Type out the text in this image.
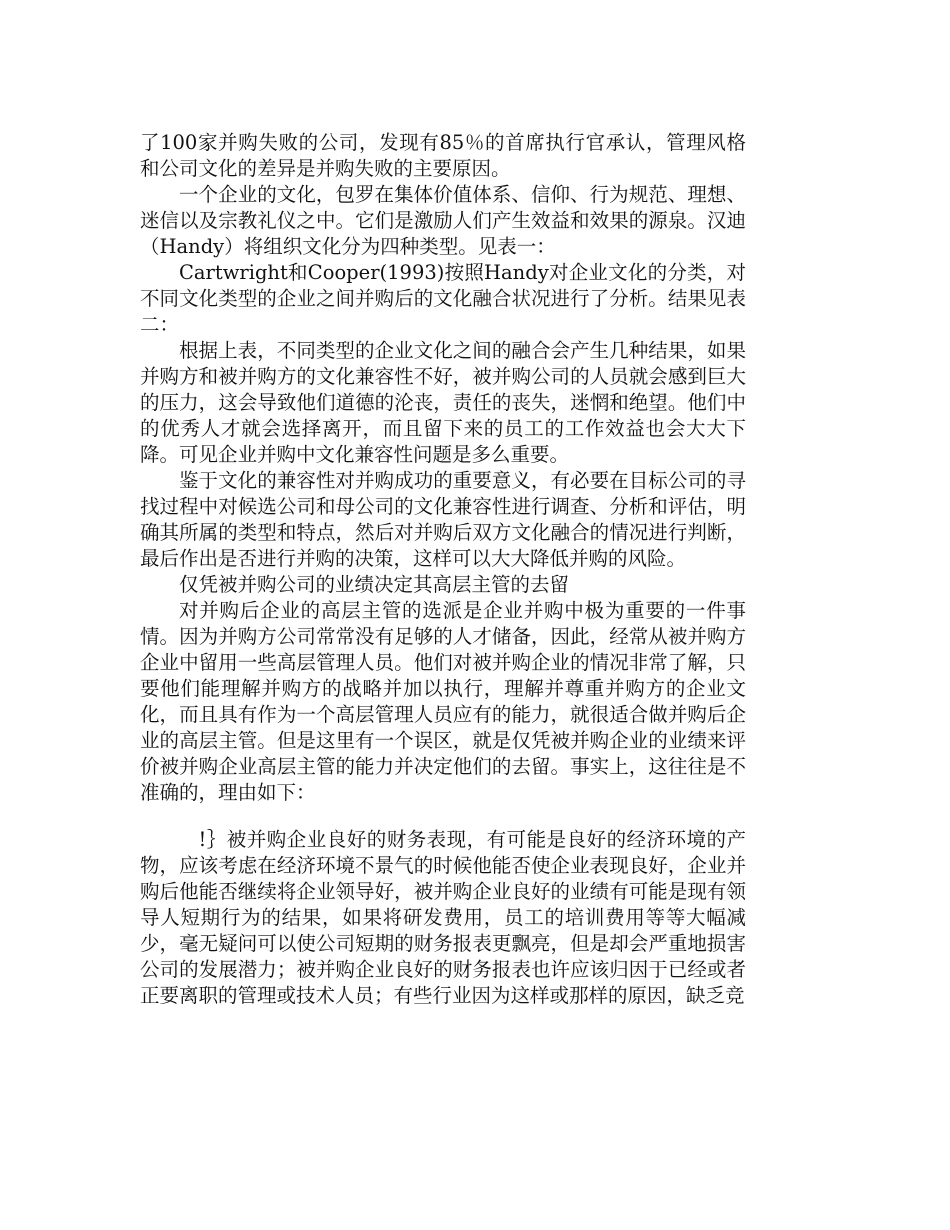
了100家并购失败的公司，发现有85％的首席执行官承认，管理风格和公司文化的差异是并购失败的主要原因。

一个企业的文化，包罗在集体价值体系、信仰、行为规范、理想、迷信以及宗教礼仪之中。它们是激励人们产生效益和效果的源泉。汉迪（Handy）将组织文化分为四种类型。见表一：

Cartwright和Cooper(1993)按照Handy对企业文化的分类，对不同文化类型的企业之间并购后的文化融合状况进行了分析。结果见表二：

根据上表，不同类型的企业文化之间的融合会产生几种结果，如果并购方和被并购方的文化兼容性不好，被并购公司的人员就会感到巨大的压力，这会导致他们道德的沦丧，责任的丧失，迷惘和绝望。他们中的优秀人才就会选择离开，而且留下来的员工的工作效益也会大大下降。可见企业并购中文化兼容性问题是多么重要。

鉴于文化的兼容性对并购成功的重要意义，有必要在目标公司的寻找过程中对候选公司和母公司的文化兼容性进行调查、分析和评估，明确其所属的类型和特点，然后对并购后双方文化融合的情况进行判断，最后作出是否进行并购的决策，这样可以大大降低并购的风险。

仅凭被并购公司的业绩决定其高层主管的去留

对并购后企业的高层主管的选派是企业并购中极为重要的一件事情。因为并购方公司常常没有足够的人才储备，因此，经常从被并购方企业中留用一些高层管理人员。他们对被并购企业的情况非常了解，只要他们能理解并购方的战略并加以执行，理解并尊重并购方的企业文化，而且具有作为一个高层管理人员应有的能力，就很适合做并购后企业的高层主管。但是这里有一个误区，就是仅凭被并购企业的业绩来评价被并购企业高层主管的能力并决定他们的去留。事实上，这往往是不准确的，理由如下：

!｝被并购企业良好的财务表现，有可能是良好的经济环境的产物，应该考虑在经济环境不景气的时候他能否使企业表现良好，企业并购后他能否继续将企业领导好，被并购企业良好的业绩有可能是现有领导人短期行为的结果，如果将研发费用，员工的培训费用等等大幅减少，毫无疑问可以使公司短期的财务报表更飘亮，但是却会严重地损害公司的发展潜力；被并购企业良好的财务报表也许应该归因于已经或者正要离职的管理或技术人员；有些行业因为这样或那样的原因，缺乏竞
